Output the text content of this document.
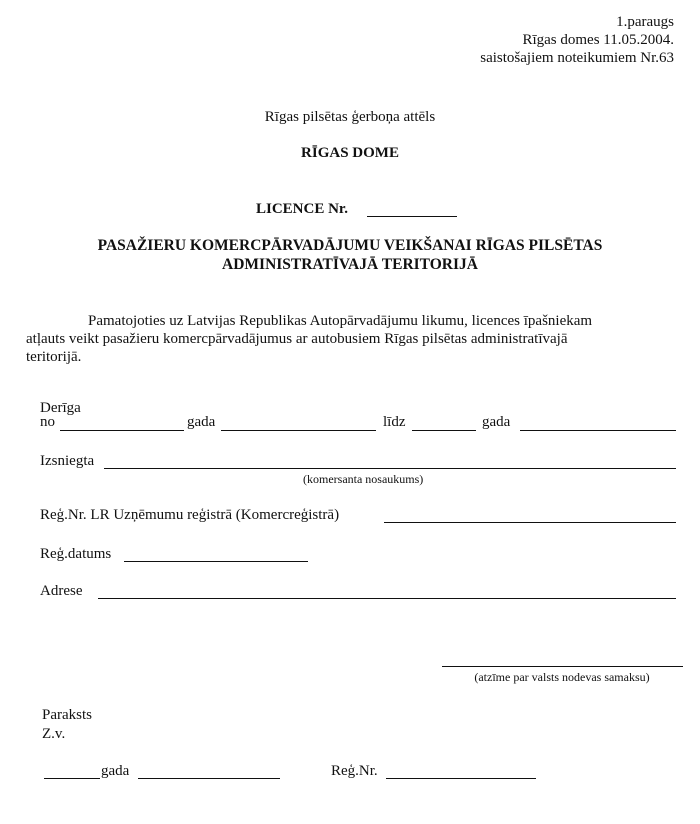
1.paraugs
Rīgas domes 11.05.2004.
saistošajiem noteikumiem Nr.63
Rīgas pilsētas ģerboņa attēls
RĪGAS DOME
LICENCE Nr.
PASAŽIERU KOMERCPĀRVADĀJUMU VEIKŠANAI RĪGAS PILSĒTAS
ADMINISTRATĪVAJĀ TERITORIJĀ
Pamatojoties uz Latvijas Republikas Autopārvadājumu likumu, licences īpašniekam
atļauts veikt pasažieru komercpārvadājumus ar autobusiem Rīgas pilsētas administratīvajā
teritorijā.
Derīga
no	gada	līdz	gada
Izsniegta
(komersanta nosaukums)
Reģ.Nr. LR Uzņēmumu reģistrā (Komercreģistrā)
Reģ.datums
Adrese
(atzīme par valsts nodevas samaksu)
Paraksts
Z.v.
gada	Reģ.Nr.
